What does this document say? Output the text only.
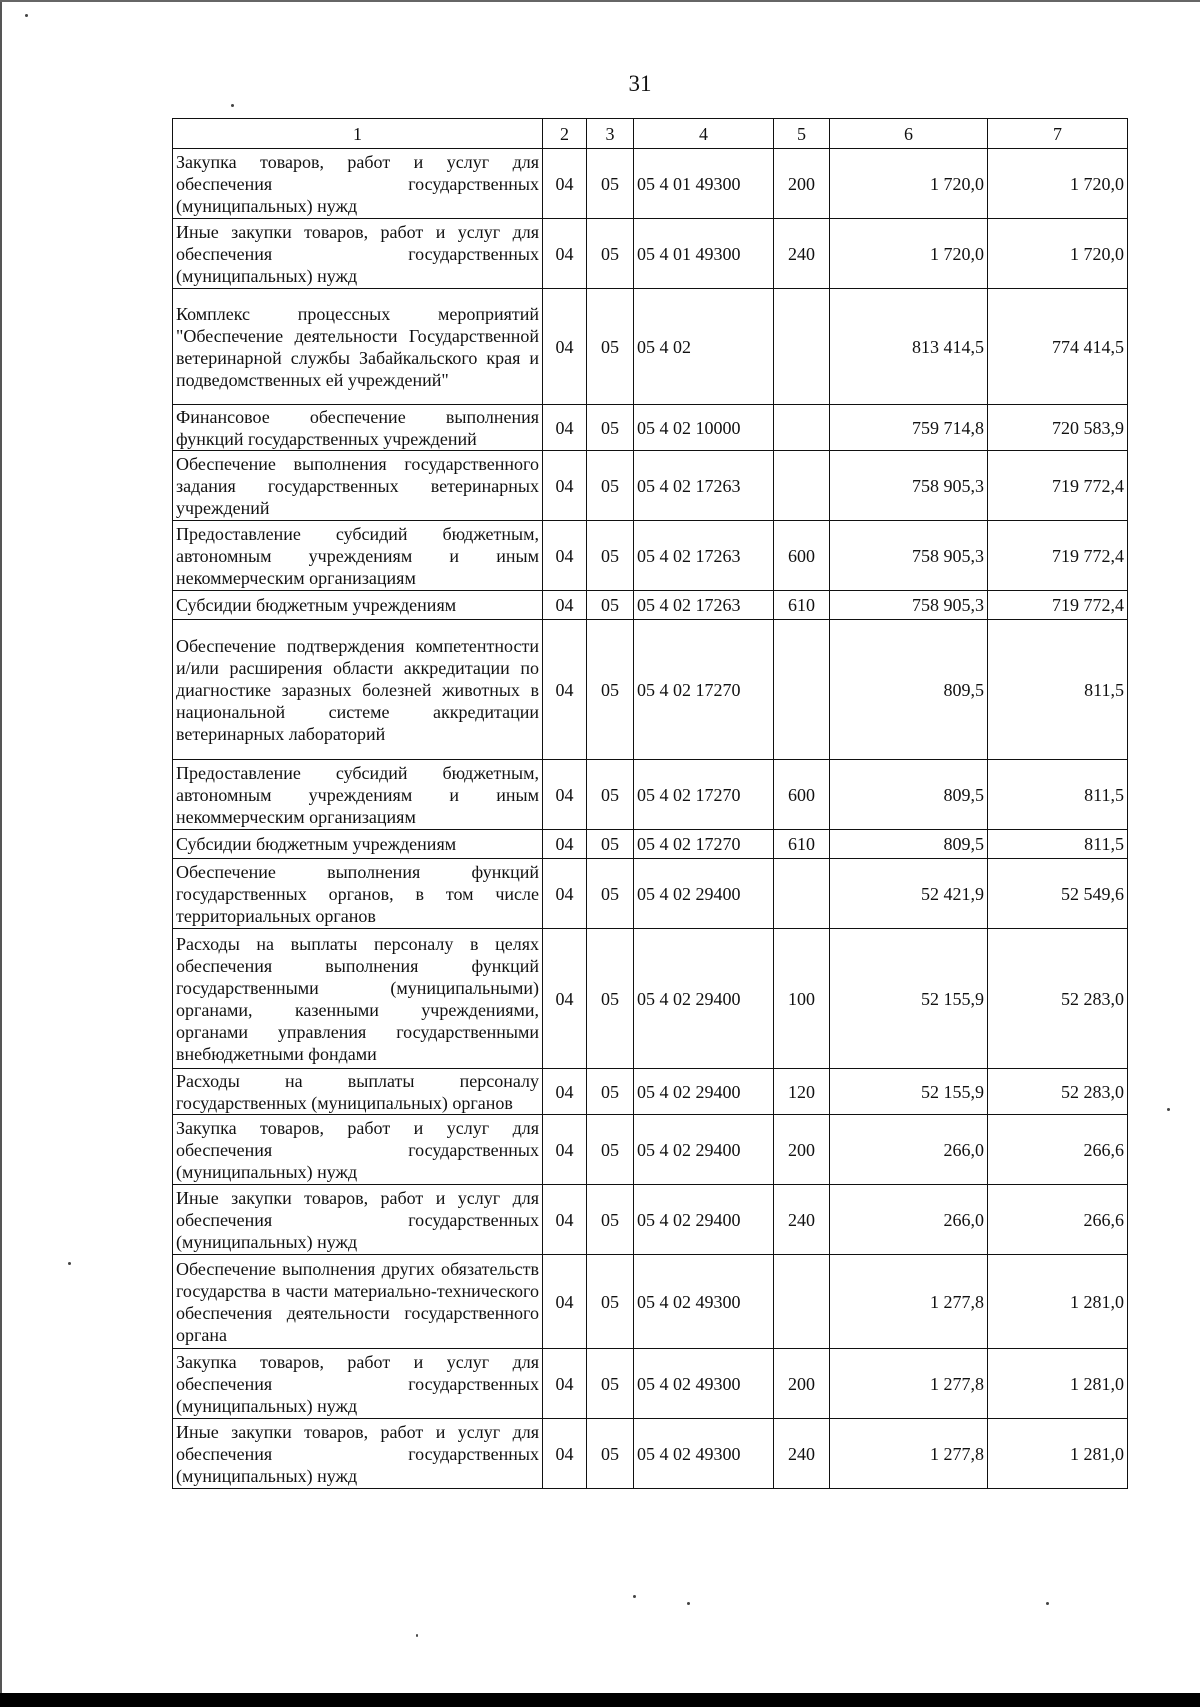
31
1	2	3	4	5	6	7
Закупка товаров, работ и услуг для обеспечения государственных (муниципальных) нужд	04	05	05 4 01 49300	200	1 720,0	1 720,0
Иные закупки товаров, работ и услуг для обеспечения государственных (муниципальных) нужд	04	05	05 4 01 49300	240	1 720,0	1 720,0
Комплекс процессных мероприятий "Обеспечение деятельности Государственной ветеринарной службы Забайкальского края и подведомственных ей учреждений"	04	05	05 4 02		813 414,5	774 414,5
Финансовое обеспечение выполнения функций государственных учреждений	04	05	05 4 02 10000		759 714,8	720 583,9
Обеспечение выполнения государственного задания государственных ветеринарных учреждений	04	05	05 4 02 17263		758 905,3	719 772,4
Предоставление субсидий бюджетным, автономным учреждениям и иным некоммерческим организациям	04	05	05 4 02 17263	600	758 905,3	719 772,4
Субсидии бюджетным учреждениям	04	05	05 4 02 17263	610	758 905,3	719 772,4
Обеспечение подтверждения компетентности и/или расширения области аккредитации по диагностике заразных болезней животных в национальной системе аккредитации ветеринарных лабораторий	04	05	05 4 02 17270		809,5	811,5
Предоставление субсидий бюджетным, автономным учреждениям и иным некоммерческим организациям	04	05	05 4 02 17270	600	809,5	811,5
Субсидии бюджетным учреждениям	04	05	05 4 02 17270	610	809,5	811,5
Обеспечение выполнения функций государственных органов, в том числе территориальных органов	04	05	05 4 02 29400		52 421,9	52 549,6
Расходы на выплаты персоналу в целях обеспечения выполнения функций государственными (муниципальными) органами, казенными учреждениями, органами управления государственными внебюджетными фондами	04	05	05 4 02 29400	100	52 155,9	52 283,0
Расходы на выплаты персоналу государственных (муниципальных) органов	04	05	05 4 02 29400	120	52 155,9	52 283,0
Закупка товаров, работ и услуг для обеспечения государственных (муниципальных) нужд	04	05	05 4 02 29400	200	266,0	266,6
Иные закупки товаров, работ и услуг для обеспечения государственных (муниципальных) нужд	04	05	05 4 02 29400	240	266,0	266,6
Обеспечение выполнения других обязательств государства в части материально-технического обеспечения деятельности государственного органа	04	05	05 4 02 49300		1 277,8	1 281,0
Закупка товаров, работ и услуг для обеспечения государственных (муниципальных) нужд	04	05	05 4 02 49300	200	1 277,8	1 281,0
Иные закупки товаров, работ и услуг для обеспечения государственных (муниципальных) нужд	04	05	05 4 02 49300	240	1 277,8	1 281,0
